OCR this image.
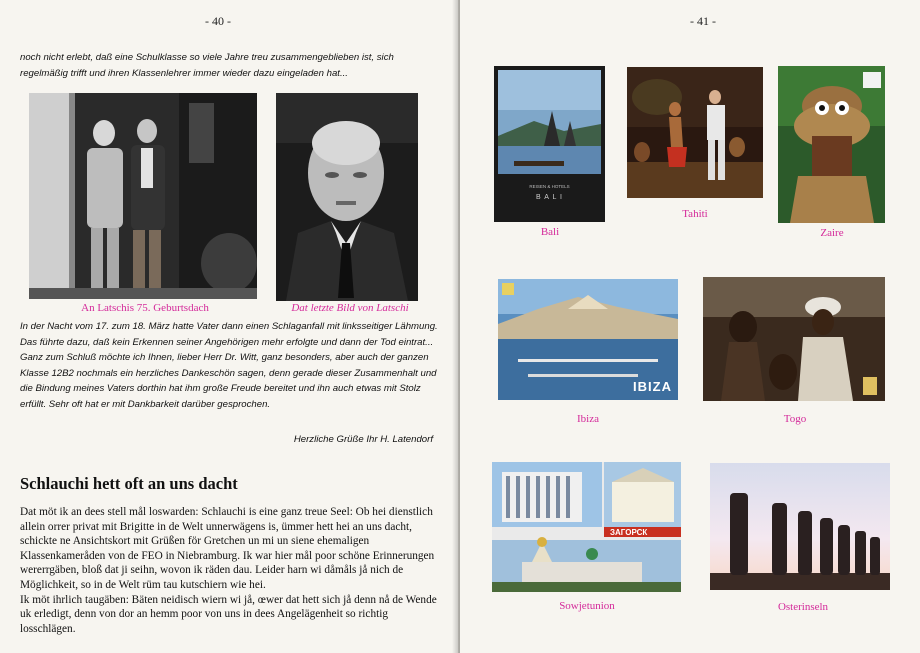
- 40 -
noch nicht erlebt, daß eine Schulklasse so viele Jahre treu zusammengeblieben ist, sich regelmäßig trifft und ihren Klassenlehrer immer wieder dazu eingeladen hat...
An Latschis 75. Geburtsdach	Dat letzte Bild von Latschi
In der Nacht vom 17. zum 18. März hatte Vater dann einen Schlaganfall mit linksseitiger Lähmung. Das führte dazu, daß kein Erkennen seiner Angehörigen mehr erfolgte und dann der Tod eintrat...
Ganz zum Schluß möchte ich Ihnen, lieber Herr Dr. Witt, ganz besonders, aber auch der ganzen Klasse 12B2 nochmals ein herzliches Dankeschön sagen, denn gerade dieser Zusammenhalt und die Bindung meines Vaters dorthin hat ihm große Freude bereitet und ihn auch etwas mit Stolz erfüllt. Sehr oft hat er mit Dankbarkeit darüber gesprochen.
Herzliche Grüße Ihr H. Latendorf
Schlauchi hett oft an uns dacht

Dat möt ik an dees stell mål loswarden: Schlauchi is eine ganz treue Seel: Ob hei dienstlich allein orrer privat mit Brigitte in de Welt unnerwägens is, ümmer hett hei an uns dacht, schickte ne Ansichtskort mit Grüßen för Gretchen un mi un siene ehemaligen Klassenkameråden von de FEO in Niebramburg. Ik war hier mål poor schöne Erinnerungen wererrgäben, bloß dat ji seihn, wovon ik räden dau. Leider harn wi dåmåls jå nich de Möglichkeit, so in de Welt rüm tau kutschiern wie hei.

Ik möt ihrlich taugäben: Bäten neidisch wiern wi jå, œwer dat hett sich jå denn nå de Wende uk erledigt, denn von dor an hemm poor von uns in dees Angelägenheit so richtig losschlägen.

- 41 -
REISEN & HOTELS
B A L I
Bali
Tahiti
Zaire
IBIZA
Ibiza	Togo
ЗАГОРСК
Sowjetunion	Osterinseln
